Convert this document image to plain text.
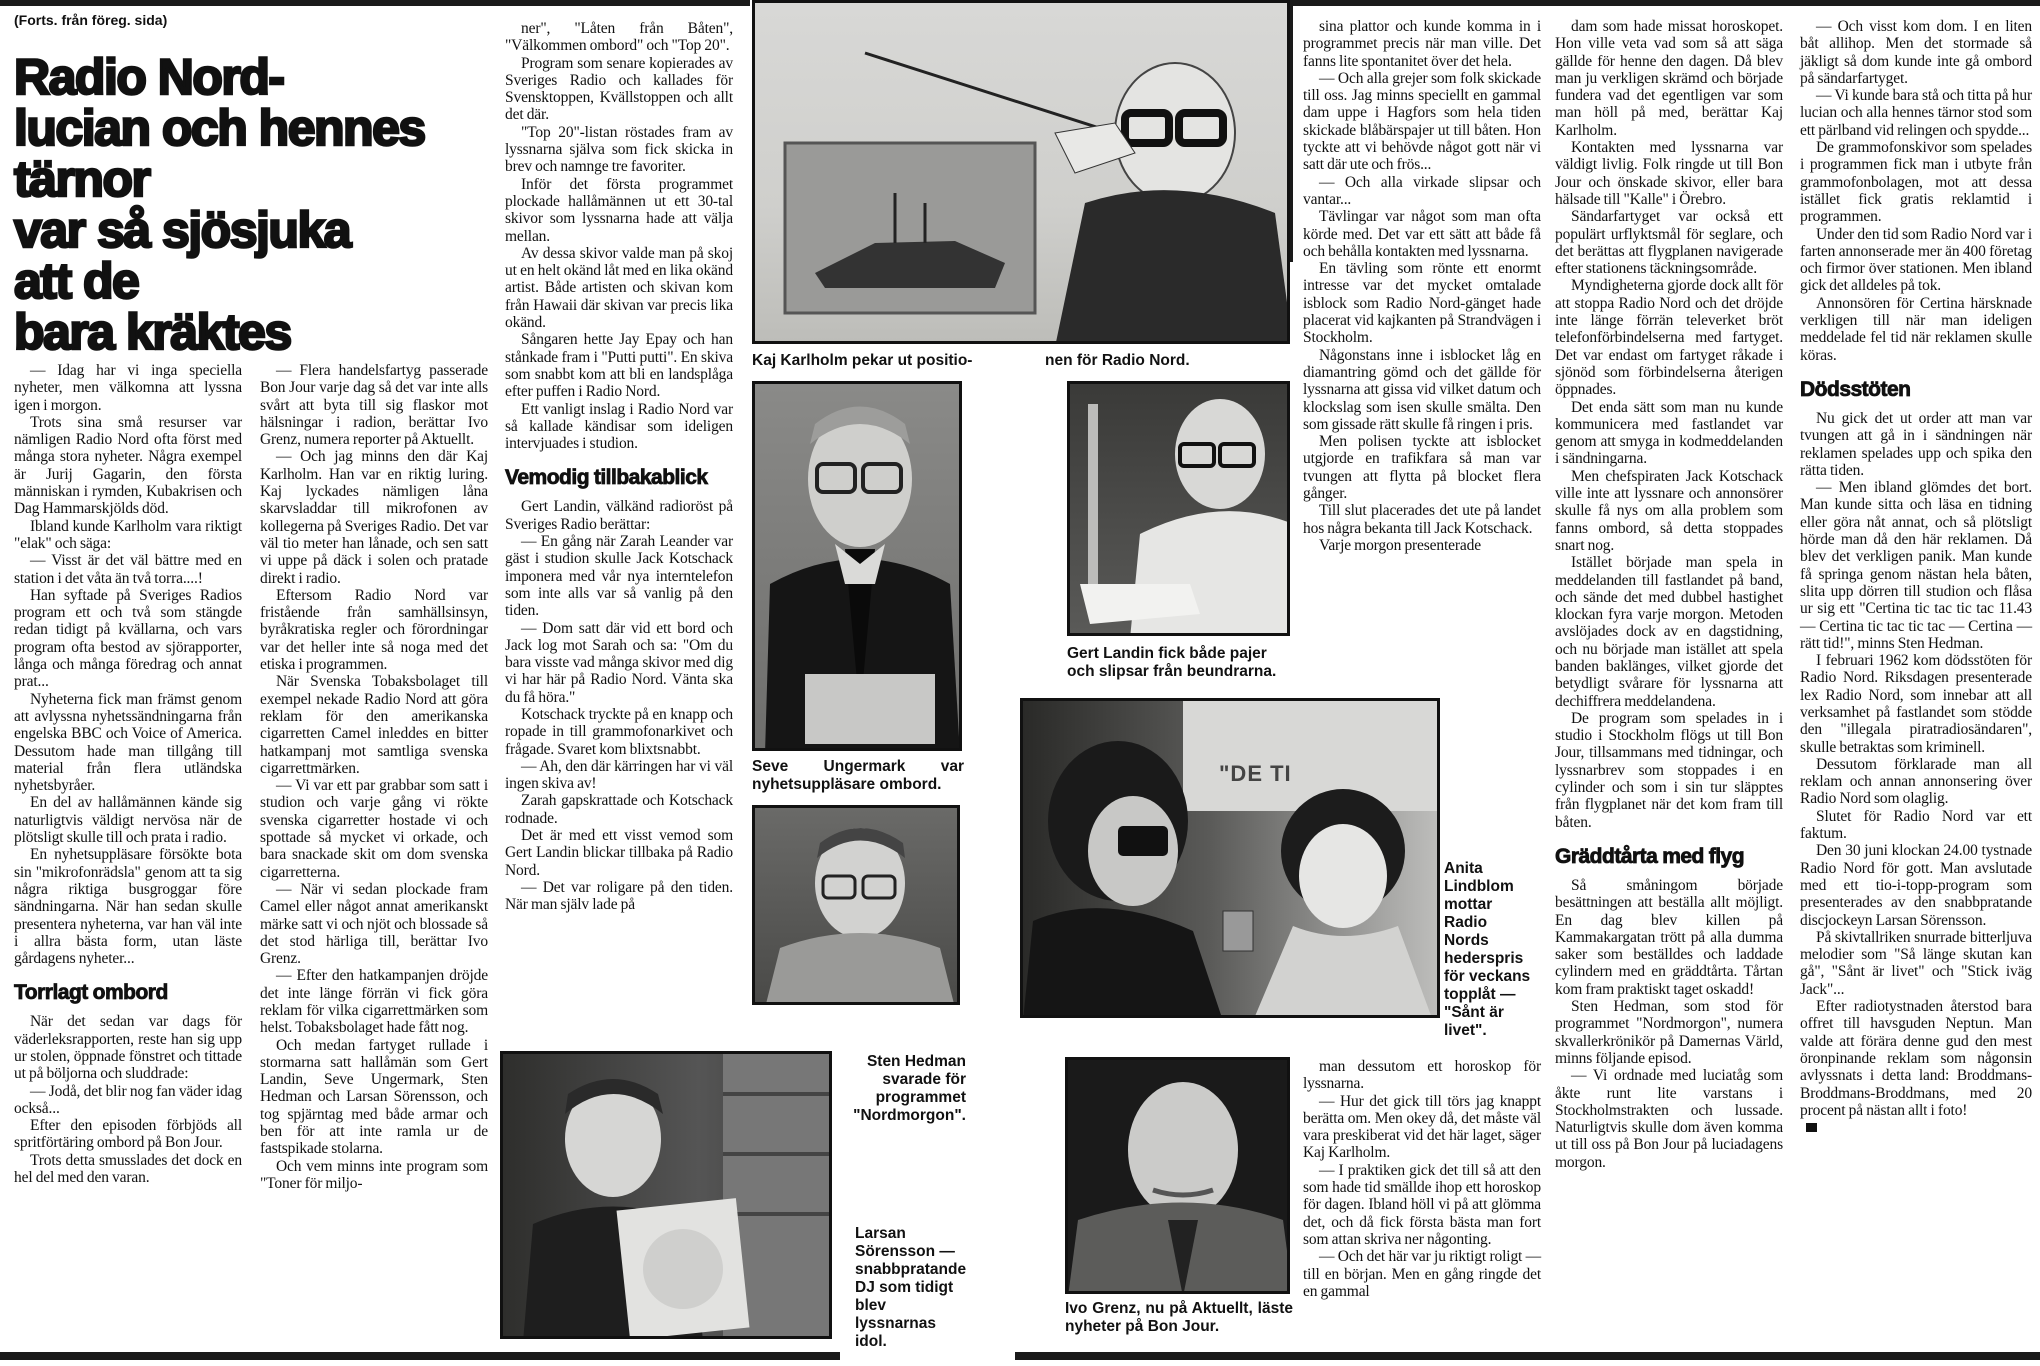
(Forts. från föreg. sida)
Radio Nord-
lucian och hennes
tärnor
var så sjösjuka
att de
bara kräktes

— Idag har vi inga speciella nyheter, men välkomna att lyssna igen i morgon.

Trots sina små resurser var nämligen Radio Nord ofta först med många stora nyheter. Några exempel är Jurij Gagarin, den första människan i rymden, Kubakrisen och Dag Hammarskjölds död.

Ibland kunde Karlholm vara riktigt "elak" och säga:

— Visst är det väl bättre med en station i det våta än två torra....!

Han syftade på Sveriges Radios program ett och två som stängde redan tidigt på kvällarna, och vars program ofta bestod av sjörapporter, långa och många föredrag och annat prat...

Nyheterna fick man främst genom att avlyssna nyhetssändningarna från engelska BBC och Voice of America. Dessutom hade man tillgång till material från flera utländska nyhetsbyråer.

En del av hallåmännen kände sig naturligtvis väldigt nervösa när de plötsligt skulle till och prata i radio.

En nyhetsuppläsare försökte bota sin "mikrofonrädsla" genom att ta sig några riktiga busgroggar före sändningarna. När han sedan skulle presentera nyheterna, var han väl inte i allra bästa form, utan läste gårdagens nyheter...

Torrlagt ombord

När det sedan var dags för väderleksrapporten, reste han sig upp ur stolen, öppnade fönstret och tittade ut på böljorna och sluddrade:

— Jodå, det blir nog fan väder idag också...

Efter den episoden förbjöds all spritförtäring ombord på Bon Jour.

Trots detta smusslades det dock en hel del med den varan.

— Flera handelsfartyg passerade Bon Jour varje dag så det var inte alls svårt att byta till sig flaskor mot hälsningar i radion, berättar Ivo Grenz, numera reporter på Aktuellt.

— Och jag minns den där Kaj Karlholm. Han var en riktig luring. Kaj lyckades nämligen låna skarvsladdar till mikrofonen av kollegerna på Sveriges Radio. Det var väl tio meter han lånade, och sen satt vi uppe på däck i solen och pratade direkt i radio.

Eftersom Radio Nord var fristående från samhällsinsyn, byråkratiska regler och förordningar var det heller inte så noga med det etiska i programmen.

När Svenska Tobaksbolaget till exempel nekade Radio Nord att göra reklam för den amerikanska cigarretten Camel inleddes en bitter hatkampanj mot samtliga svenska cigarrettmärken.

— Vi var ett par grabbar som satt i studion och varje gång vi rökte svenska cigarretter hostade vi och spottade så mycket vi orkade, och bara snackade skit om dom svenska cigarretterna.

— När vi sedan plockade fram Camel eller något annat amerikanskt märke satt vi och njöt och blossade så det stod härliga till, berättar Ivo Grenz.

— Efter den hatkampanjen dröjde det inte länge förrän vi fick göra reklam för vilka cigarrettmärken som helst. Tobaksbolaget hade fått nog.

Och medan fartyget rullade i stormarna satt hallåmän som Gert Landin, Seve Ungermark, Sten Hedman och Larsan Sörensson, och tog spjärntag med både armar och ben för att inte ramla ur de fastspikade stolarna.

Och vem minns inte program som "Toner för miljo-

ner", "Låten från Båten", "Välkommen ombord" och "Top 20".

Program som senare kopierades av Sveriges Radio och kallades för Svensktoppen, Kvällstoppen och allt det där.

"Top 20"-listan röstades fram av lyssnarna själva som fick skicka in brev och namnge tre favoriter.

Inför det första programmet plockade hallåmännen ut ett 30-tal skivor som lyssnarna hade att välja mellan.

Av dessa skivor valde man på skoj ut en helt okänd låt med en lika okänd artist. Både artisten och skivan kom från Hawaii där skivan var precis lika okänd.

Sångaren hette Jay Epay och han stånkade fram i "Putti putti". En skiva som snabbt kom att bli en landsplåga efter puffen i Radio Nord.

Ett vanligt inslag i Radio Nord var så kallade kändisar som ideligen intervjuades i studion.

Vemodig tillbakablick

Gert Landin, välkänd radioröst på Sveriges Radio berättar:

— En gång när Zarah Leander var gäst i studion skulle Jack Kotschack imponera med vår nya interntelefon som inte alls var så vanlig på den tiden.

— Dom satt där vid ett bord och Jack log mot Sarah och sa: "Om du bara visste vad många skivor med dig vi har här på Radio Nord. Vänta ska du få höra."

Kotschack tryckte på en knapp och ropade in till grammofonarkivet och frågade. Svaret kom blixtsnabbt.

— Ah, den där kärringen har vi väl ingen skiva av!

Zarah gapskrattade och Kotschack rodnade.

Det är med ett visst vemod som Gert Landin blickar tillbaka på Radio Nord.

— Det var roligare på den tiden. När man själv lade på

Kaj Karlholm pekar ut positio-	nen för Radio Nord.
Seve Ungermark var nyhetsuppläsare ombord.
Gert Landin fick både pajer och slipsar från beundrarna.
Sten Hedman svarade för programmet "Nordmorgon".
Larsan Sörensson — snabbpratande DJ som tidigt blev lyssnarnas idol.
"DE TI
Anita Lindblom mottar Radio Nords hederspris för veckans topplåt — "Sånt är livet".
Ivo Grenz, nu på Aktuellt, läste nyheter på Bon Jour.

sina plattor och kunde komma in i programmet precis när man ville. Det fanns lite spontanitet över det hela.

— Och alla grejer som folk skickade till oss. Jag minns speciellt en gammal dam uppe i Hagfors som hela tiden skickade blåbärspajer ut till båten. Hon tyckte att vi behövde något gott när vi satt där ute och frös...

— Och alla virkade slipsar och vantar...

Tävlingar var något som man ofta körde med. Det var ett sätt att både få och behålla kontakten med lyssnarna.

En tävling som rönte ett enormt intresse var det mycket omtalade isblock som Radio Nord-gänget hade placerat vid kajkanten på Strandvägen i Stockholm.

Någonstans inne i isblocket låg en diamantring gömd och det gällde för lyssnarna att gissa vid vilket datum och klockslag som isen skulle smälta. Den som gissade rätt skulle få ringen i pris.

Men polisen tyckte att isblocket utgjorde en trafikfara så man var tvungen att flytta på blocket flera gånger.

Till slut placerades det ute på landet hos några bekanta till Jack Kotschack.

Varje morgon presenterade

man dessutom ett horoskop för lyssnarna.

— Hur det gick till törs jag knappt berätta om. Men okey då, det måste väl vara preskiberat vid det här laget, säger Kaj Karlholm.

— I praktiken gick det till så att den som hade tid smällde ihop ett horoskop för dagen. Ibland höll vi på att glömma det, och då fick första bästa man fort som attan skriva ner någonting.

— Och det här var ju riktigt roligt — till en början. Men en gång ringde det en gammal

dam som hade missat horoskopet. Hon ville veta vad som så att säga gällde för henne den dagen. Då blev man ju verkligen skrämd och började fundera vad det egentligen var som man höll på med, berättar Kaj Karlholm.

Kontakten med lyssnarna var väldigt livlig. Folk ringde ut till Bon Jour och önskade skivor, eller bara hälsade till "Kalle" i Örebro.

Sändarfartyget var också ett populärt urflyktsmål för seglare, och det berättas att flygplanen navigerade efter stationens täckningsområde.

Myndigheterna gjorde dock allt för att stoppa Radio Nord och det dröjde inte länge förrän televerket bröt telefonförbindelserna med fartyget. Det var endast om fartyget råkade i sjönöd som förbindelserna återigen öppnades.

Det enda sätt som man nu kunde kommunicera med fastlandet var genom att smyga in kodmeddelanden i sändningarna.

Men chefspiraten Jack Kotschack ville inte att lyssnare och annonsörer skulle få nys om alla problem som fanns ombord, så detta stoppades snart nog.

Istället började man spela in meddelanden till fastlandet på band, och sände det med dubbel hastighet klockan fyra varje morgon. Metoden avslöjades dock av en dagstidning, och nu började man istället att spela banden baklänges, vilket gjorde det betydligt svårare för lyssnarna att dechiffrera meddelandena.

De program som spelades in i studio i Stockholm flögs ut till Bon Jour, tillsammans med tidningar, och lyssnarbrev som stoppades i en cylinder och som i sin tur släpptes från flygplanet när det kom fram till båten.

Gräddtårta med flyg

Så småningom började besättningen att beställa allt möjligt. En dag blev killen på Kammakargatan trött på alla dumma saker som beställdes och laddade cylindern med en gräddtårta. Tårtan kom fram praktiskt taget oskadd!

Sten Hedman, som stod för programmet "Nordmorgon", numera skvallerkrönikör på Damernas Värld, minns följande episod.

— Vi ordnade med luciatåg som åkte runt lite varstans i Stockholmstrakten och lussade. Naturligtvis skulle dom även komma ut till oss på Bon Jour på luciadagens morgon.

— Och visst kom dom. I en liten båt allihop. Men det stormade så jäkligt så dom kunde inte gå ombord på sändarfartyget.

— Vi kunde bara stå och titta på hur lucian och alla hennes tärnor stod som ett pärlband vid relingen och spydde...

De grammofonskivor som spelades i programmen fick man i utbyte från grammofonbolagen, mot att dessa istället fick gratis reklamtid i programmen.

Under den tid som Radio Nord var i farten annonserade mer än 400 företag och firmor över stationen. Men ibland gick det alldeles på tok.

Annonsören för Certina härsknade verkligen till när man ideligen meddelade fel tid när reklamen skulle köras.

Dödsstöten

Nu gick det ut order att man var tvungen att gå in i sändningen när reklamen spelades upp och spika den rätta tiden.

— Men ibland glömdes det bort. Man kunde sitta och läsa en tidning eller göra nåt annat, och så plötsligt hörde man då den här reklamen. Då blev det verkligen panik. Man kunde få springa genom nästan hela båten, slita upp dörren till studion och flåsa ur sig ett "Certina tic tac tic tac 11.43 — Certina tic tac tic tac — Certina — rätt tid!", minns Sten Hedman.

I februari 1962 kom dödsstöten för Radio Nord. Riksdagen presenterade lex Radio Nord, som innebar att all verksamhet på fastlandet som stödde den "illegala piratradiosändaren", skulle betraktas som kriminell.

Dessutom förklarade man all reklam och annan annonsering över Radio Nord som olaglig.

Slutet för Radio Nord var ett faktum.

Den 30 juni klockan 24.00 tystnade Radio Nord för gott. Man avslutade med ett tio-i-topp-program som presenterades av den snabbpratande discjockeyn Larsan Sörensson.

På skivtallriken snurrade bitterljuva melodier som "Så länge skutan kan gå", "Sånt är livet" och "Stick iväg Jack"...

Efter radiotystnaden återstod bara offret till havsguden Neptun. Man valde att förära denne gud den mest öronpinande reklam som någonsin avlyssnats i detta land: Broddmans-Broddmans-Broddmans, med 20 procent på nästan allt i foto!
